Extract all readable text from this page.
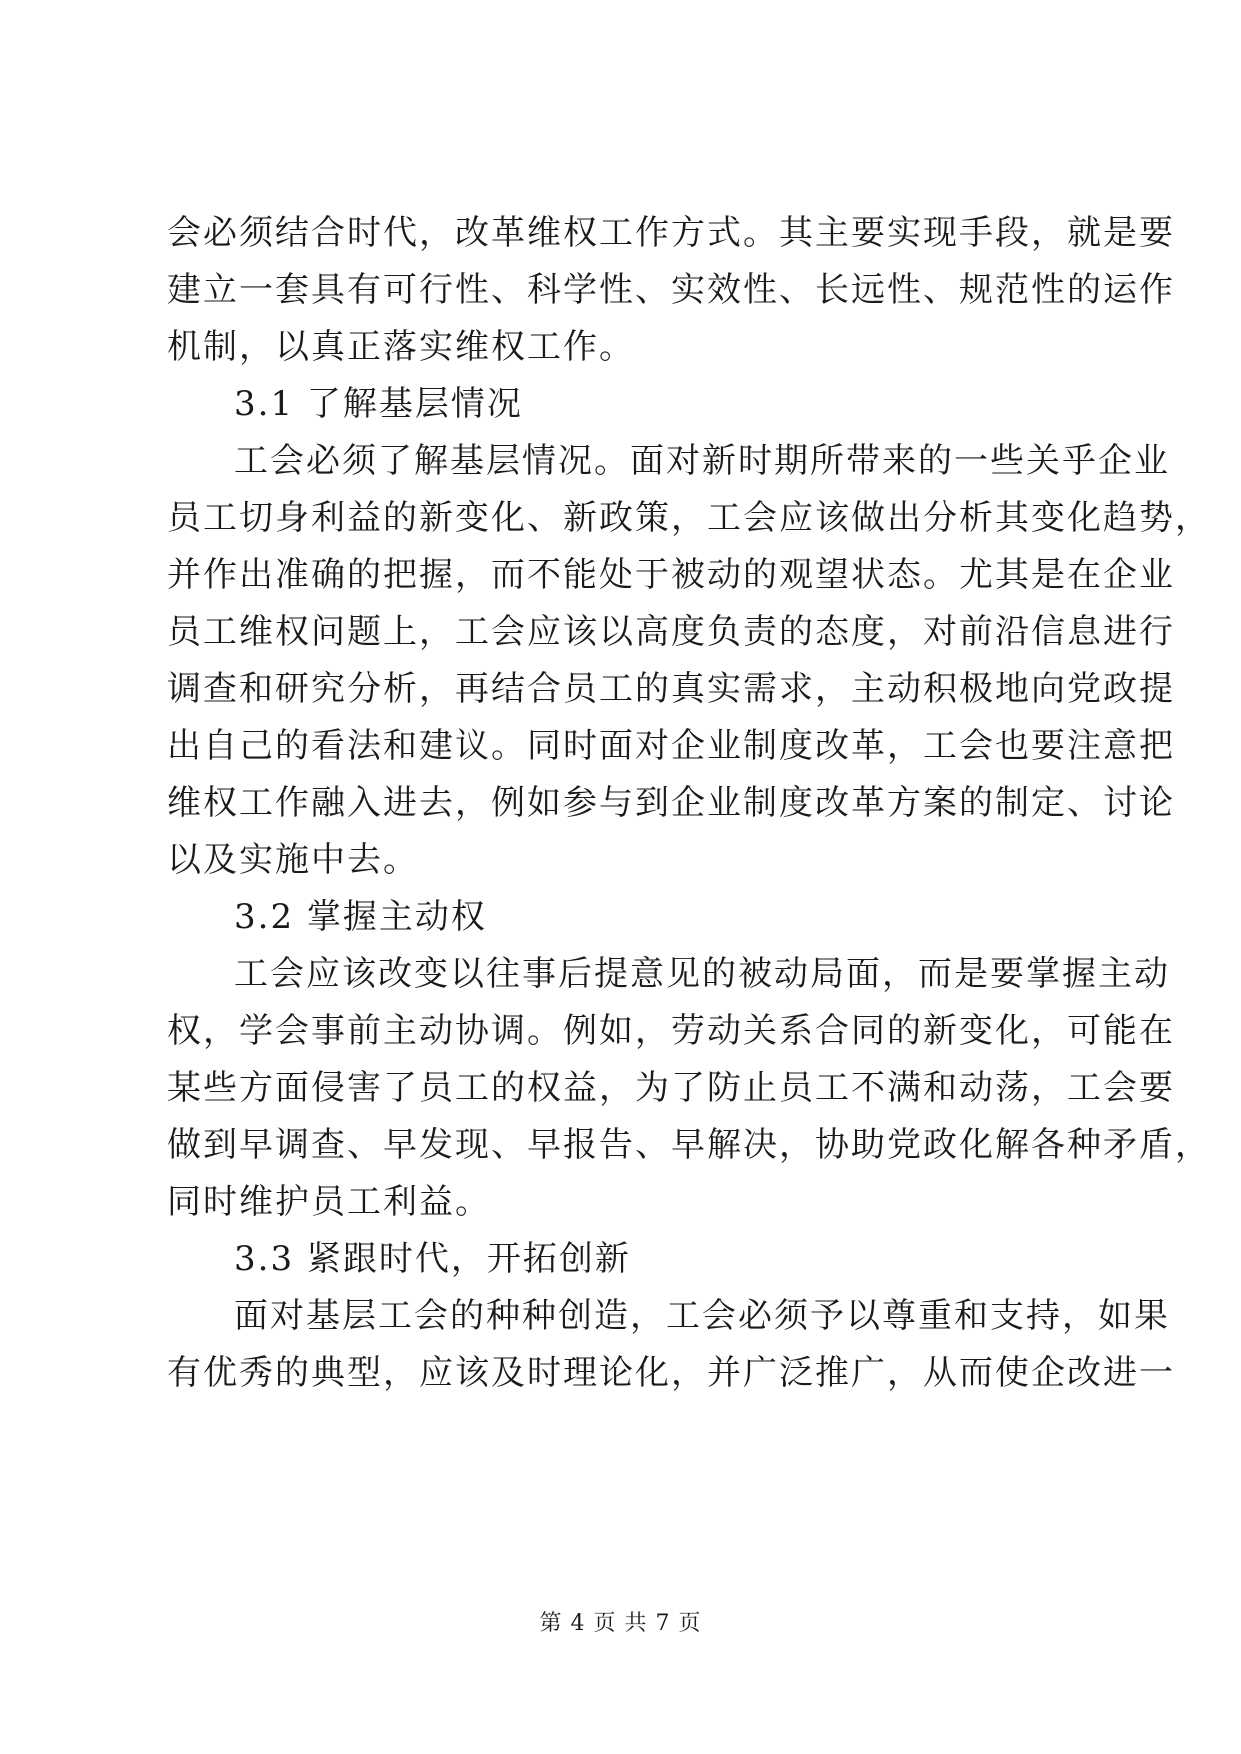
会必须结合时代，改革维权工作方式。其主要实现手段，就是要

建立一套具有可行性、科学性、实效性、长远性、规范性的运作

机制，以真正落实维权工作。

3.1 了解基层情况

工会必须了解基层情况。面对新时期所带来的一些关乎企业

员工切身利益的新变化、新政策，工会应该做出分析其变化趋势，

并作出准确的把握，而不能处于被动的观望状态。尤其是在企业

员工维权问题上，工会应该以高度负责的态度，对前沿信息进行

调查和研究分析，再结合员工的真实需求，主动积极地向党政提

出自己的看法和建议。同时面对企业制度改革，工会也要注意把

维权工作融入进去，例如参与到企业制度改革方案的制定、讨论

以及实施中去。

3.2 掌握主动权

工会应该改变以往事后提意见的被动局面，而是要掌握主动

权，学会事前主动协调。例如，劳动关系合同的新变化，可能在

某些方面侵害了员工的权益，为了防止员工不满和动荡，工会要

做到早调查、早发现、早报告、早解决，协助党政化解各种矛盾，

同时维护员工利益。

3.3 紧跟时代，开拓创新

面对基层工会的种种创造，工会必须予以尊重和支持，如果

有优秀的典型，应该及时理论化，并广泛推广，从而使企改进一

第 4 页 共 7 页
